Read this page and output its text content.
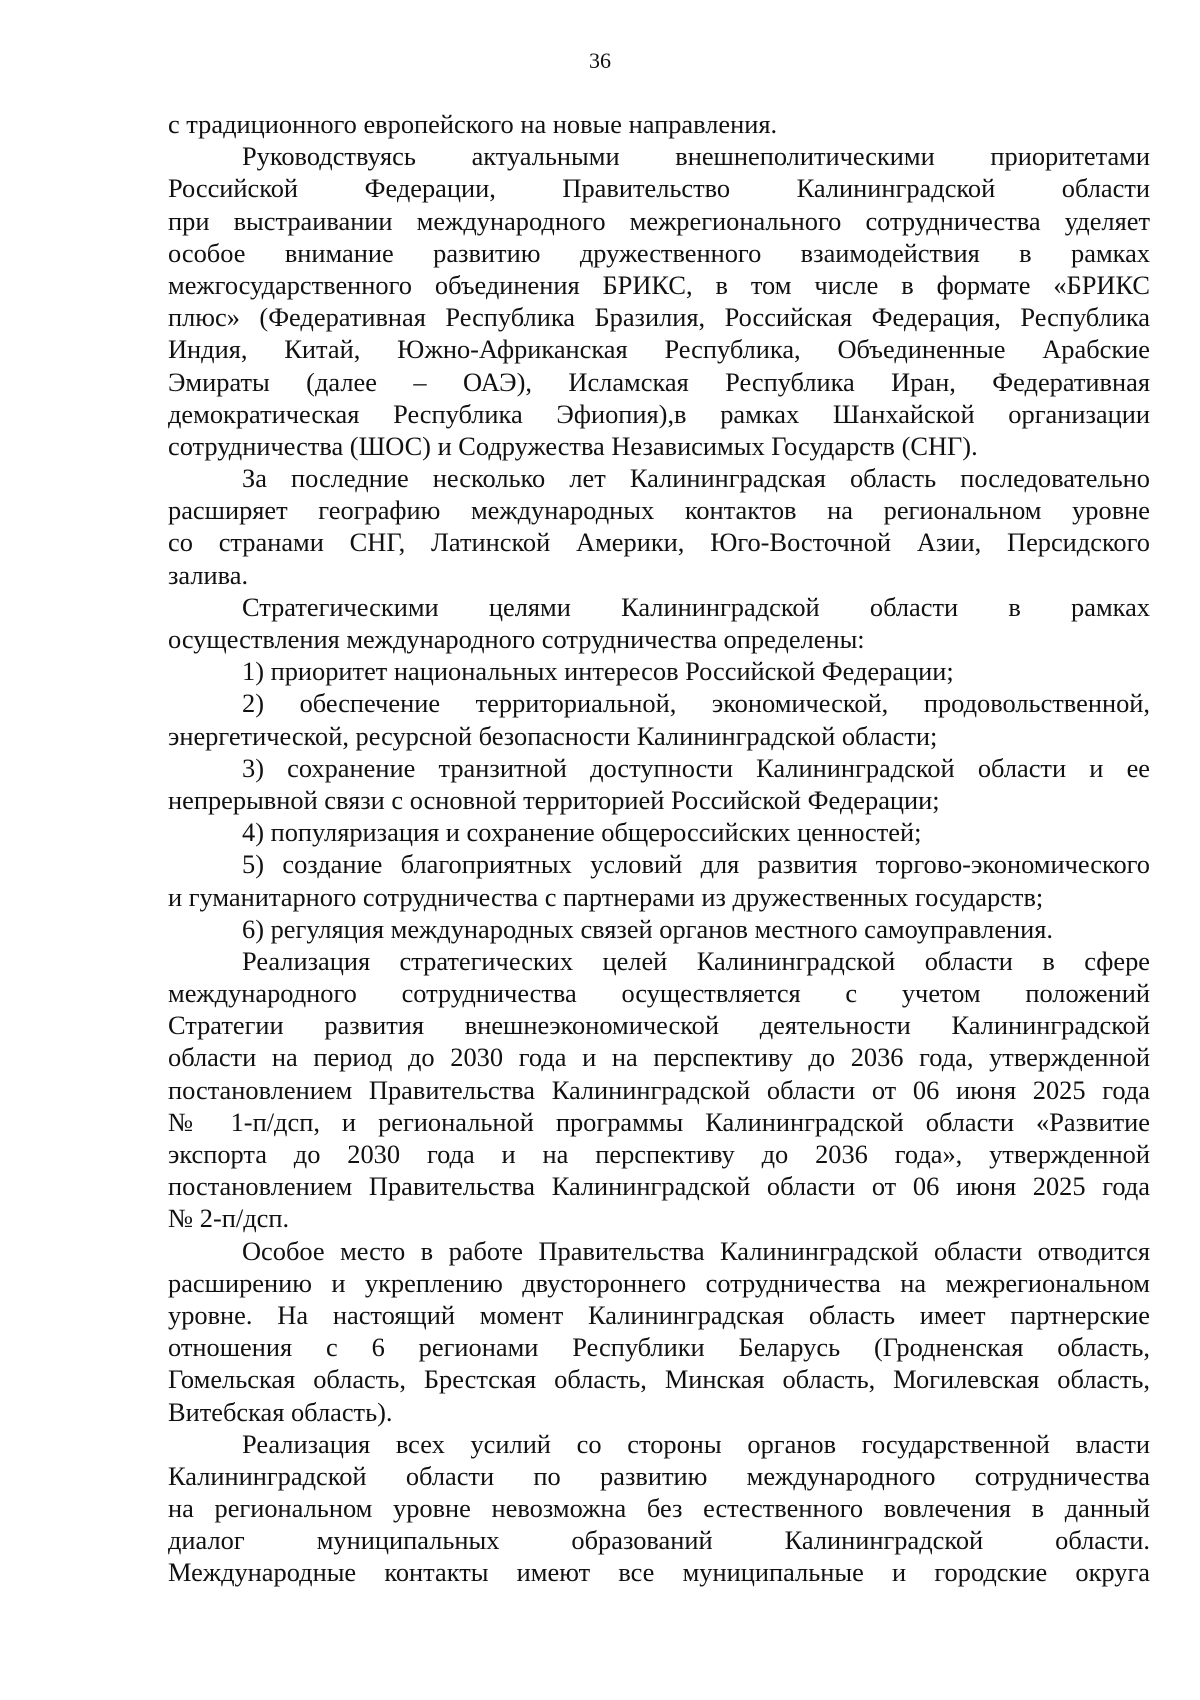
36
с традиционного европейского на новые направления.
Руководствуясь актуальными внешнеполитическими приоритетами
Российской Федерации, Правительство Калининградской области
при выстраивании международного межрегионального сотрудничества уделяет
особое внимание развитию дружественного взаимодействия в рамках
межгосударственного объединения БРИКС, в том числе в формате «БРИКС
плюс» (Федеративная Республика Бразилия, Российская Федерация, Республика
Индия, Китай, Южно-Африканская Республика, Объединенные Арабские
Эмираты (далее – ОАЭ), Исламская Республика Иран, Федеративная
демократическая Республика Эфиопия),в рамках Шанхайской организации
сотрудничества (ШОС) и Содружества Независимых Государств (СНГ).
За последние несколько лет Калининградская область последовательно
расширяет географию международных контактов на региональном уровне
со странами СНГ, Латинской Америки, Юго-Восточной Азии, Персидского
залива.
Стратегическими целями Калининградской области в рамках
осуществления международного сотрудничества определены:
1) приоритет национальных интересов Российской Федерации;
2) обеспечение территориальной, экономической, продовольственной,
энергетической, ресурсной безопасности Калининградской области;
3) сохранение транзитной доступности Калининградской области и ее
непрерывной связи с основной территорией Российской Федерации;
4) популяризация и сохранение общероссийских ценностей;
5) создание благоприятных условий для развития торгово-экономического
и гуманитарного сотрудничества с партнерами из дружественных государств;
6) регуляция международных связей органов местного самоуправления.
Реализация стратегических целей Калининградской области в сфере
международного сотрудничества осуществляется с учетом положений
Стратегии развития внешнеэкономической деятельности Калининградской
области на период до 2030 года и на перспективу до 2036 года, утвержденной
постановлением Правительства Калининградской области от 06 июня 2025 года
№ 1-п/дсп, и региональной программы Калининградской области «Развитие
экспорта до 2030 года и на перспективу до 2036 года», утвержденной
постановлением Правительства Калининградской области от 06 июня 2025 года
№ 2-п/дсп.
Особое место в работе Правительства Калининградской области отводится
расширению и укреплению двустороннего сотрудничества на межрегиональном
уровне. На настоящий момент Калининградская область имеет партнерские
отношения с 6 регионами Республики Беларусь (Гродненская область,
Гомельская область, Брестская область, Минская область, Могилевская область,
Витебская область).
Реализация всех усилий со стороны органов государственной власти
Калининградской области по развитию международного сотрудничества
на региональном уровне невозможна без естественного вовлечения в данный
диалог муниципальных образований Калининградской области.
Международные контакты имеют все муниципальные и городские округа
